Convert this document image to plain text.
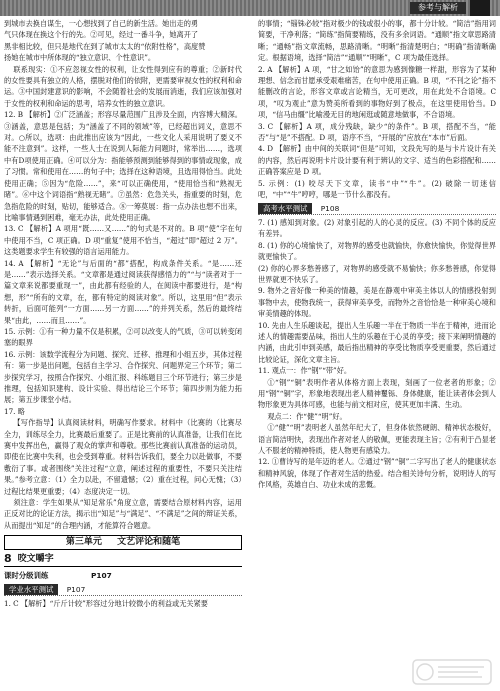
参考与解析

到城市去换自谋生，一心想找到了自己的新生活。她出走的勇

气只体现在换这个行的先。②可见，经过一番斗争，她离开了

黑非相比较，但只是地代在到了城市太太的“依附性格”，高度赞

扬她在城市中所体现的“独立意识、个性意识”。

联系现实：①不应忽视女性的权利，让女性得到应有的尊重；②新时代的女性要具有独立的人格，摆脱对他们的依附，更需要审视女性的权利和命运。③中国封建意识的影响，不会随着社会的发展而消逝，我们应该加强对于女性的权利和命运的思考，培养女性的独立意识。

12. B 【解析】②广泛涵盖；形容尽量范围广且涉及全面，内容博大精深。③涵盖，意思是包括；为“涵盖了不同的领域”等，已经超出词义，意思不对。○所以，选项：由此推出应该为“因此，一些文化人采用说明了要义不能不注意到”。这样，一些人士在说到人际能力问题时，常举出……，选项中有D项使用正确。④可以分为：指能够预测到能够得到的事情或现象，成了习惯。常和使用在……的句子中；选择在这种语境，且选用得恰当。此处使用正确；⑤因为“危险……”，来“可以正确使用，“使用恰当和“熟视无睹”。⑥中这个词语指“熟视无睹”。⑦虽然：危急关头，指重要的时刻，危急指危险的时刻，贴切，能够适合。⑧一筹莫展：指一点办法也想不出来，比喻事情遇到困难，毫无办法，此处使用正确。

13. C 【解析】A 项用“既……又……”的句式是不对的。B 项“使”字在句中使用不当，C 项正确。D 项“重复”使用不恰当，“超过”即“超过 2 万”。这类题要求学生有较强的语言运用能力。

14. A 【解析】“无论”与后面的“都”搭配，构成条件关系。“是……还是……”表示选择关系。“文章都是通过阅读获得感悟力的”“与“读者对于一篇文章来说都要重现一”，由此都有经验的人，在阅读中都要进行，是“构想，形”“所有的文章，在，都有特定的阅读对象”。所以，这里用“但”表示转折，后面可能列“一方面……另一方面……”的并列关系，然后的最终结果“由此，……而且……”。

15. 示例：①有一种力量不仅是积累，②可以改变人的气质，③可以转变闭塞的眼界

16. 示例：该数学流程分为问题、探究、迁移、推理和小组五步，其体过程有：第一步是出问题，包括自主学习、合作探究、问题界定三个环节；第二步探究学习，按照合作探究、小组汇报、科练题目三个环节进行；第三步是推理，包括知识建构、设计实验、得出结论三个环节；第四步则为能力拓展；第五步课堂小结。

17. 略

【写作指导】认真阅读材料，明确写作要求。材料中（比赛的（比赛尽全力，训练尽全力，比赛最后重要了。正是比赛前的认真准备，让我们在比赛中发挥出色，赢得了观众的掌声和尊敬。那些比赛前认真准备的运动员，即使在比赛中失利，也会受到尊重。材料告诉我们，要全力以赴做事，不要敷衍了事。或者围绕”关注过程“立意，阐述过程的重要性，不要只关注结果。”参考立意：（1）全力以赴，不留遗憾；（2）重在过程，问心无愧；（3）过程比结果更重要；（4）态度决定一切。

须注意：学生如果从“知足常乐”角度立意，需要结合原材料内容，运用正反对比的论证方法，揭示出“知足”与“满足”、“不满足”之间的辩证关系，从而提出“知足”的合理内涵，才能算符合题意。

第三单元 文艺评论和随笔
8 咬文嚼字
课时分级训练	P107
学业水平测试 P107

1. C 【解析】“斤斤计较”形容过分地计较微小的利益或无关紧要

的事情；“锱铢必较”指对极少的钱或很小的事，都十分计较。“简洁”指用词简要，干净利落；“简练”指简要精练，没有多余词语。“通顺”指文章思路清晰；“通畅”指文章流畅，思路清晰。“明晰”指清楚明白；“明确”指清晰确定。根据语境，选择“简洁”“通顺”“明晰”，C 项为最佳选择。

2. A 【解析】A 项，“甘之如饴”的意思为感到像糖一样甜，形容为了某种理想、信念而甘愿承受艰难痛苦，在句中使用正确。B 项，“不刊之论”指不能删改的言论，形容文章或言论精当，无可更改，用在此处不合语境。C 项，“叹为观止”意为赞美所看到的事物好到了极点，在这里使用恰当。D 项，“信马由缰”比喻漫无目的地闲逛或随意地做事，不合语境。

3. C 【解析】A 项，成分残缺，缺少“的条件”。B 项，搭配不当，“能否”与“是”不搭配。D 项，语序不当，“开展的”应放在“本市”后面。

4. D 【解析】由中间的关联词“但是”可知，文段先写的是与卡片设计有关的内容，然后再说明卡片设计要有利于辨认的文字、适当的色彩搭配和……正确答案应是 D 项。

5. 示例：(1) 咬尽天下文章，读书“中”“牛”。(2) 破除一切迷信吧，“中”“牛”哼哼，哪是一节什么都没有。

高考水平测试 P108

7. (1) 感知到对象。(2) 对象引起的人的心灵的反应。(3) 不同个体的反应有差异。

8. (1) 你的心境愉快了，对物界的感受也就愉快，你愈快愉快，你觉得世界就更愉快了。

(2) 你的心界多愁善感了，对物界的感受就不易愉快；你多愁善感，你觉得世界就更不快乐了。

9. 物外之音好像一种美的情趣，美是在静观中审美主体以人的情感投射到事物中去，使物我统一，获得审美享受，而物外之音恰恰是一种审美心境和审美情趣的体现。

10. 先由人生乐趣谈起，提出人生乐趣一半在于物质一半在于精神，进而论述人的情趣需要品味，指出人生的乐趣在于心灵的享受；接下来阐明情趣的内涵，由此引申到美感，最后指出精神的享受比物质享受更重要，然后通过比较论证，深化文章主旨。

11. 观点一：作“钢”“带”好。

①“钢”“铜”表明作者从体格方面上表现，刻画了一位老者的形象；②用“钢”“铜”字，形象地表现出老人精神矍铄、身体健康，能让读者体会到人物形象更为具体可感，也能与前文相对应，使其更加丰满、生动。

观点二：作“健”“明”好。

①“健”“明”表明老人虽然年纪大了，但身体依然硬朗、精神状态极好，语言简洁明快，表现出作者对老人的敬佩，更能表现主旨；②有利于凸显老人不服老的精神特质，使人物更有感染力。

12. ①曹诗写的是年迈的老人。②通过“钢”“铜”二字写出了老人的健康状态和精神风貌，体现了作者对生活的热爱。结合相关诗句分析，说明诗人的写作风格，英雄自白、功业未成的悲慨。
